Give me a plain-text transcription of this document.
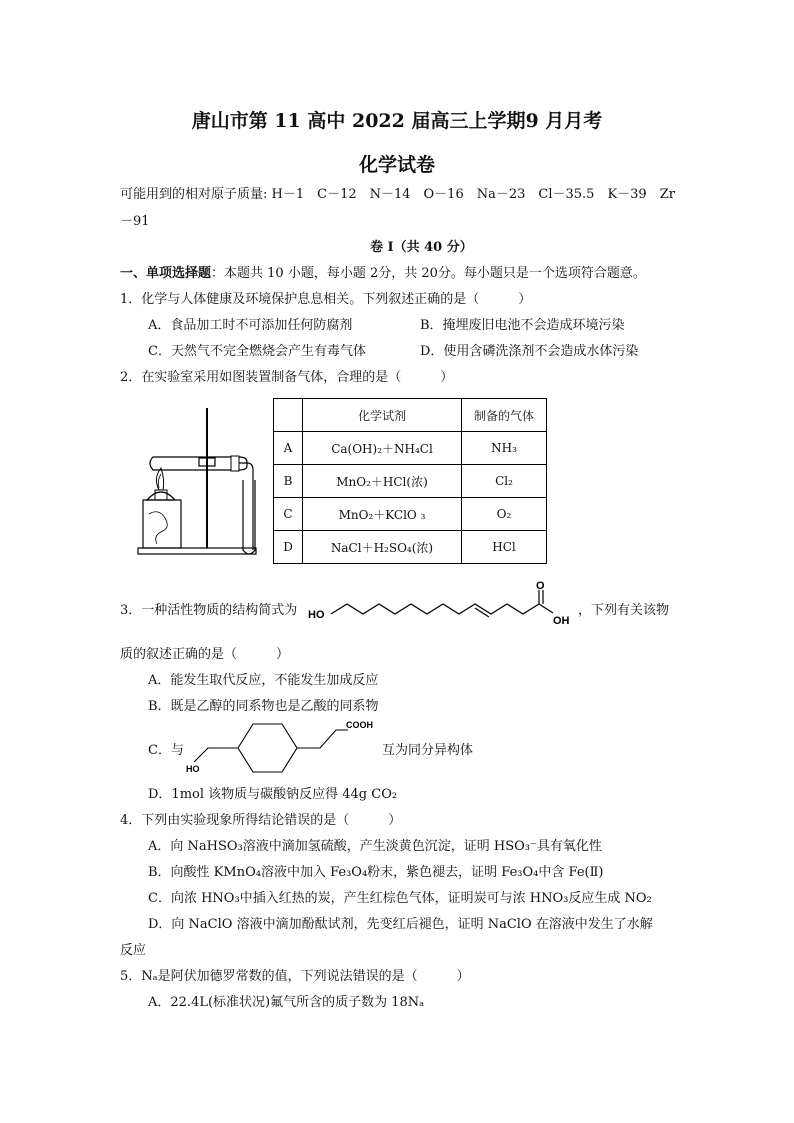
唐山市第 11 高中 2022 届高三上学期9 月月考
化学试卷
可能用到的相对原子质量: H－1　C－12　N－14　O－16　Na－23　Cl－35.5　K－39　Zr
－91
卷 I（共 40 分）
一、单项选择题：本题共 10 小题，每小题 2分，共 20分。每小题只是一个选项符合题意。
1．化学与人体健康及环境保护息息相关。下列叙述正确的是（　　　）
A．食品加工时不可添加任何防腐剂	B．掩埋废旧电池不会造成环境污染
C．天然气不完全燃烧会产生有毒气体	D．使用含磷洗涤剂不会造成水体污染
2．在实验室采用如图装置制备气体，合理的是（　　　）
	化学试剂	制备的气体
A	Ca(OH)₂＋NH₄Cl	NH₃
B	MnO₂＋HCl(浓)	Cl₂
C	MnO₂＋KClO ₃	O₂
D	NaCl＋H₂SO₄(浓)	HCl
3．一种活性物质的结构简式为 HO
O
OH
，下列有关该物
质的叙述正确的是（　　　）
A．能发生取代反应，不能发生加成反应
B．既是乙醇的同系物也是乙酸的同系物
C．与
HO
COOH
互为同分异构体
D．1mol 该物质与碳酸钠反应得 44g CO₂
4．下列由实验现象所得结论错误的是（　　　）
A．向 NaHSO₃溶液中滴加氢硫酸，产生淡黄色沉淀，证明 HSO₃⁻具有氧化性
B．向酸性 KMnO₄溶液中加入 Fe₃O₄粉末，紫色褪去，证明 Fe₃O₄中含 Fe(Ⅱ)
C．向浓 HNO₃中插入红热的炭，产生红棕色气体，证明炭可与浓 HNO₃反应生成 NO₂
D．向 NaClO 溶液中滴加酚酞试剂，先变红后褪色，证明 NaClO 在溶液中发生了水解
反应
5．Nₐ是阿伏加德罗常数的值，下列说法错误的是（　　　）
A．22.4L(标准状况)氟气所含的质子数为 18Nₐ
